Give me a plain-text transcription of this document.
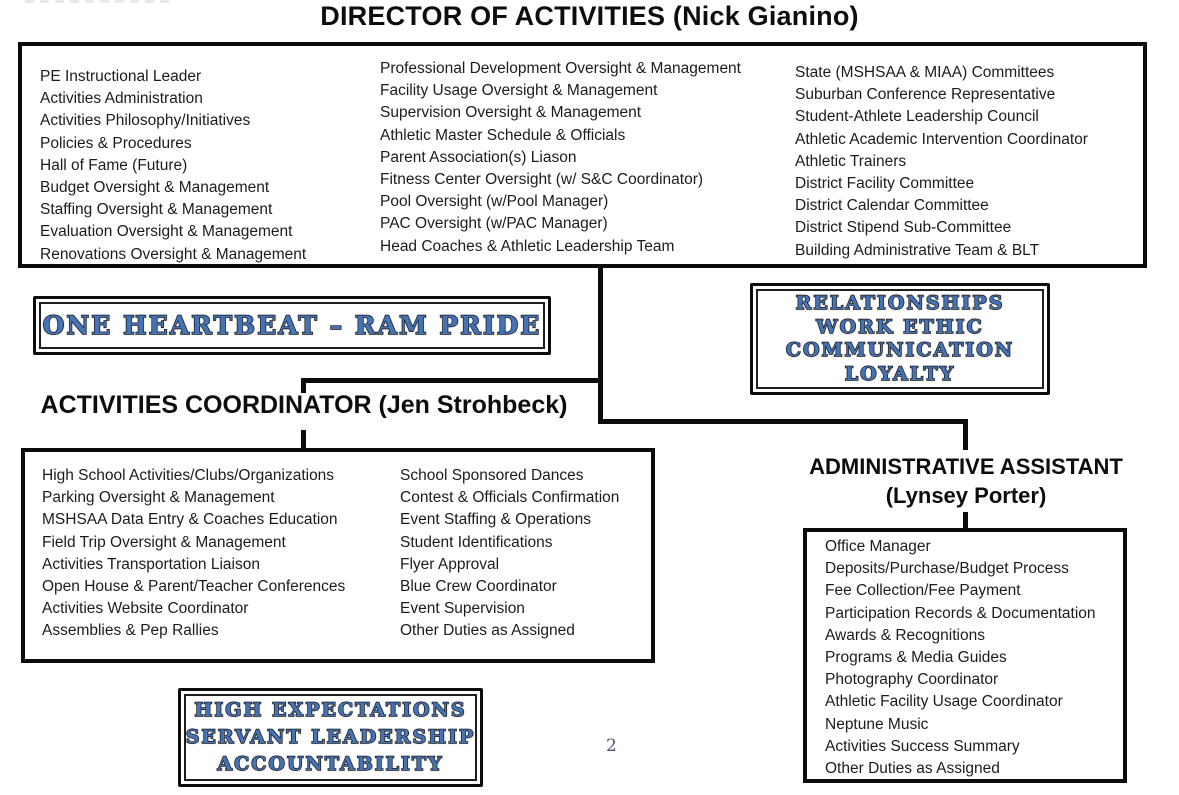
DIRECTOR OF ACTIVITIES (Nick Gianino)
PE Instructional Leader
Activities Administration
Activities Philosophy/Initiatives
Policies & Procedures
Hall of Fame (Future)
Budget Oversight & Management
Staffing Oversight & Management
Evaluation Oversight & Management
Renovations Oversight & Management
Professional Development Oversight & Management
Facility Usage Oversight & Management
Supervision Oversight & Management
Athletic Master Schedule & Officials
Parent Association(s) Liason
Fitness Center Oversight (w/ S&C Coordinator)
Pool Oversight (w/Pool Manager)
PAC Oversight (w/PAC Manager)
Head Coaches & Athletic Leadership Team
State (MSHSAA & MIAA) Committees
Suburban Conference Representative
Student-Athlete Leadership Council
Athletic Academic Intervention Coordinator
Athletic Trainers
District Facility Committee
District Calendar Committee
District Stipend Sub-Committee
Building Administrative Team & BLT
ONE HEARTBEAT – RAM PRIDE
RELATIONSHIPS
WORK ETHIC
COMMUNICATION
LOYALTY
ACTIVITIES COORDINATOR (Jen Strohbeck)
High School Activities/Clubs/Organizations
Parking Oversight & Management
MSHSAA Data Entry & Coaches Education
Field Trip Oversight & Management
Activities Transportation Liaison
Open House & Parent/Teacher Conferences
Activities Website Coordinator
Assemblies & Pep Rallies
School Sponsored Dances
Contest & Officials Confirmation
Event Staffing & Operations
Student Identifications
Flyer Approval
Blue Crew Coordinator
Event Supervision
Other Duties as Assigned
ADMINISTRATIVE ASSISTANT
(Lynsey Porter)
Office Manager
Deposits/Purchase/Budget Process
Fee Collection/Fee Payment
Participation Records & Documentation
Awards & Recognitions
Programs & Media Guides
Photography Coordinator
Athletic Facility Usage Coordinator
Neptune Music
Activities Success Summary
Other Duties as Assigned
HIGH EXPECTATIONS
SERVANT LEADERSHIP
ACCOUNTABILITY
2
